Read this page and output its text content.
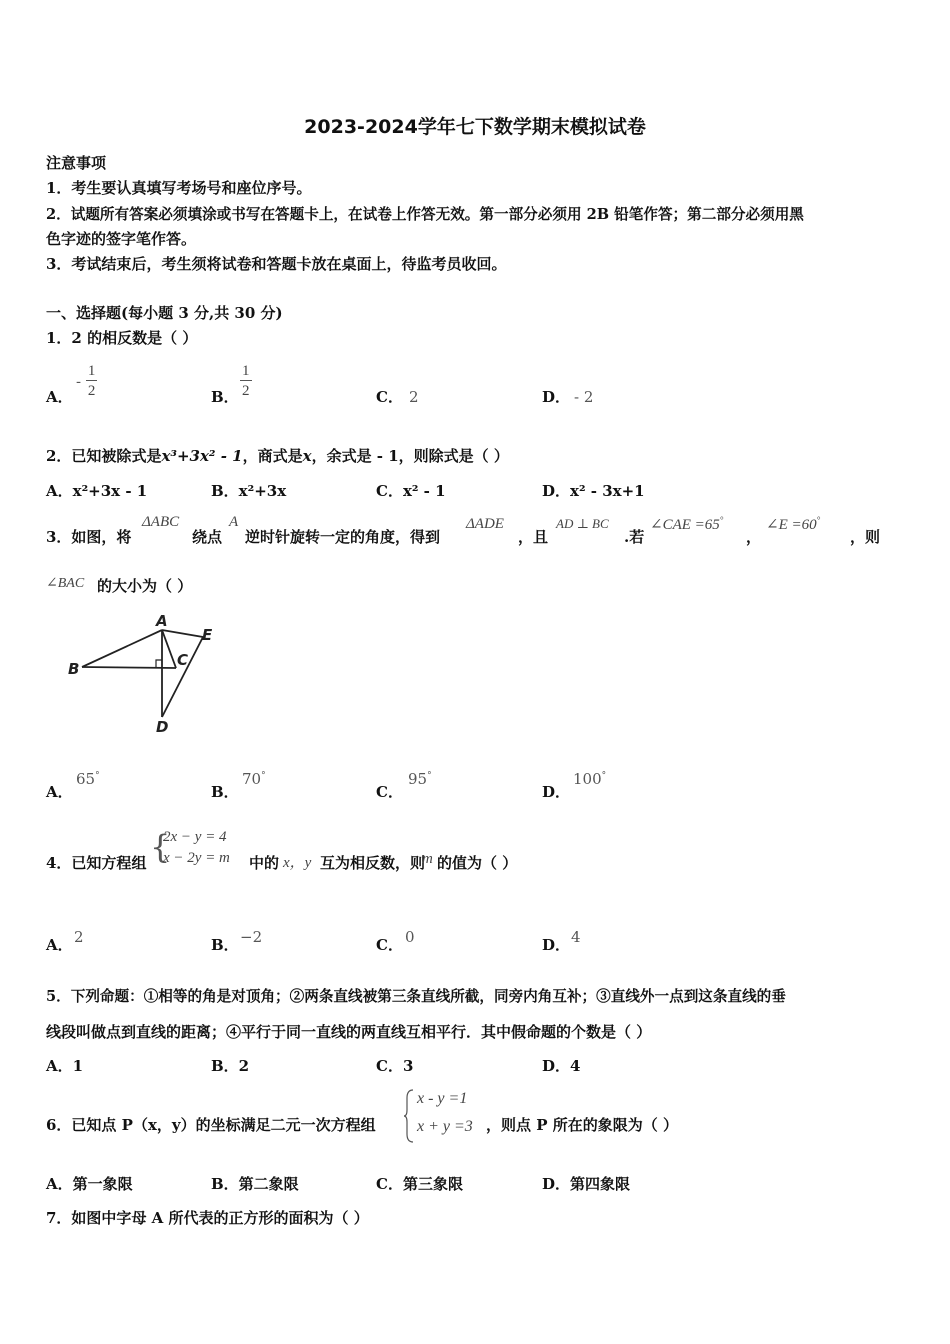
2023-2024学年七下数学期末模拟试卷
注意事项
1．考生要认真填写考场号和座位序号。
2．试题所有答案必须填涂或书写在答题卡上，在试卷上作答无效。第一部分必须用 2B 铅笔作答；第二部分必须用黑
色字迹的签字笔作答。
3．考试结束后，考生须将试卷和答题卡放在桌面上，待监考员收回。
一、选择题(每小题 3 分,共 30 分)
1．2 的相反数是（ ）
A．
- $\frac{1}{2}$	B． $\frac{1}{2}$	C． 2	D． - 2
2．已知被除式是x³+3x² - 1，商式是x，余式是 - 1，则除式是（ ）
A．x²+3x - 1	B．x²+3x	C．x² - 1	D．x² - 3x+1
3．如图，将
ΔABC
绕点
A
逆时针旋转一定的角度，得到
ΔADE
，且
AD ⊥ BC
.若
∠CAE =65°
，
∠E =60°
，则
∠BAC 的大小为（ ）
A
B	C
D
E
A．
65°
B．
70°
C．
95°
D．
100°
4．已知方程组 {
2x − y = 4
x − 2y = m 中的 x，y 互为相反数，则
m 的值为（ ）
A． 2	B． −2	C． 0	D． 4
5．下列命题：①相等的角是对顶角；②两条直线被第三条直线所截，同旁内角互补；③直线外一点到这条直线的垂
线段叫做点到直线的距离；④平行于同一直线的两直线互相平行．其中假命题的个数是（ ）
A．1	B．2	C．3	D．4
6．已知点 P（x，y）的坐标满足二元一次方程组
x - y =1
x + y =3 ，则点 P 所在的象限为（ ）
A．第一象限	B．第二象限	C．第三象限	D．第四象限
7．如图中字母 A 所代表的正方形的面积为（ ）
